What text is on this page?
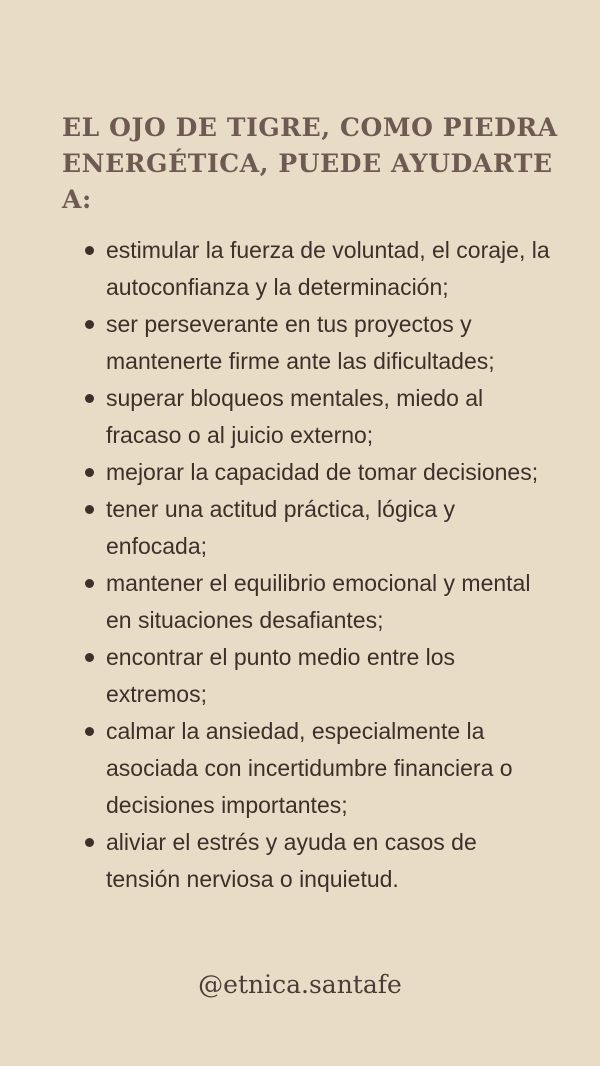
EL OJO DE TIGRE, COMO PIEDRA ENERGÉTICA, PUEDE AYUDARTE A:
estimular la fuerza de voluntad, el coraje, la autoconfianza y la determinación;
ser perseverante en tus proyectos y mantenerte firme ante las dificultades;
superar bloqueos mentales, miedo al fracaso o al juicio externo;
mejorar la capacidad de tomar decisiones;
tener una actitud práctica, lógica y enfocada;
mantener el equilibrio emocional y mental en situaciones desafiantes;
encontrar el punto medio entre los extremos;
calmar la ansiedad, especialmente la asociada con incertidumbre financiera o decisiones importantes;
aliviar el estrés y ayuda en casos de tensión nerviosa o inquietud.

@etnica.santafe
